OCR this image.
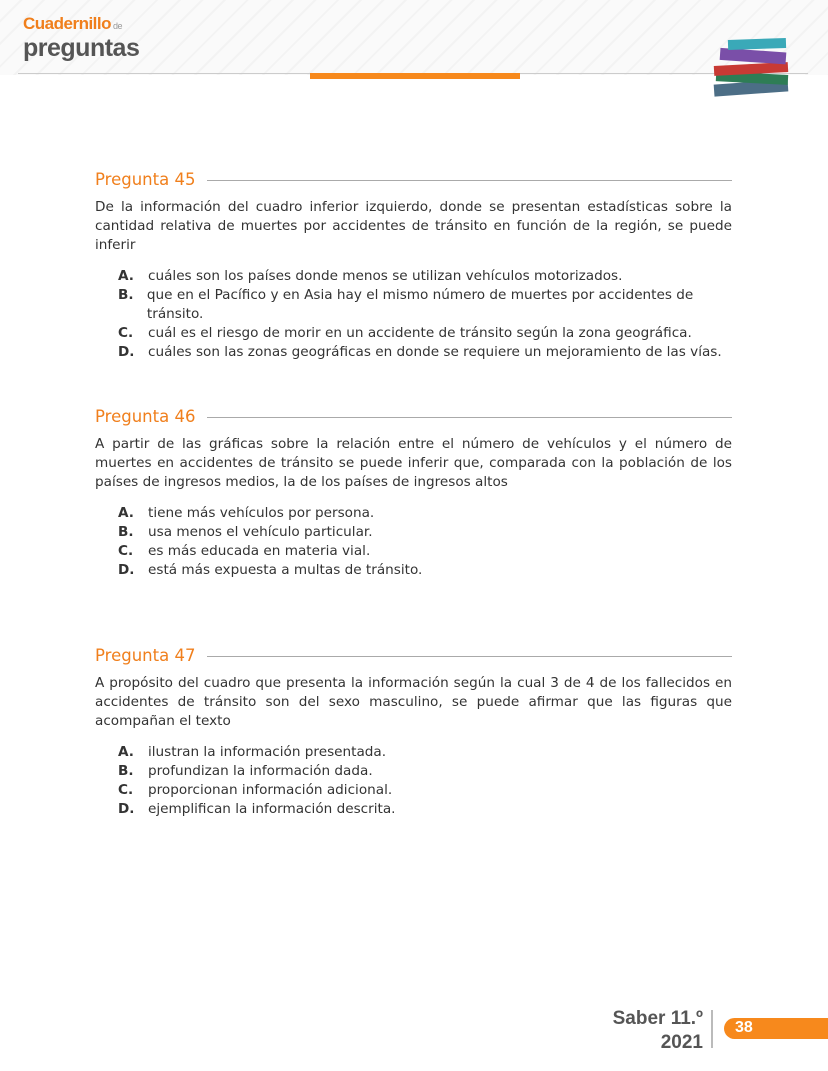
Cuadernillo de
preguntas
Pregunta 45
De la información del cuadro inferior izquierdo, donde se presentan estadísticas sobre la cantidad relativa de muertes por accidentes de tránsito en función de la región, se puede inferir
A.	cuáles son los países donde menos se utilizan vehículos motorizados.
B. que en el Pacífico y en Asia hay el mismo número de muertes por accidentes de tránsito.
C.	cuál es el riesgo de morir en un accidente de tránsito según la zona geográfica.
D. cuáles son las zonas geográficas en donde se requiere un mejoramiento de las vías.
Pregunta 46
A partir de las gráficas sobre la relación entre el número de vehículos y el número de muertes en accidentes de tránsito se puede inferir que, comparada con la población de los países de ingresos medios, la de los países de ingresos altos
A.	tiene más vehículos por persona.
B.	usa menos el vehículo particular.
C.	es más educada en materia vial.
D. está más expuesta a multas de tránsito.
Pregunta 47
A propósito del cuadro que presenta la información según la cual 3 de 4 de los fallecidos en accidentes de tránsito son del sexo masculino, se puede afirmar que las figuras que acompañan el texto
A.	ilustran la información presentada.
B.	profundizan la información dada.
C.	proporcionan información adicional.
D. ejemplifican la información descrita.
Saber 11.º
2021
38
